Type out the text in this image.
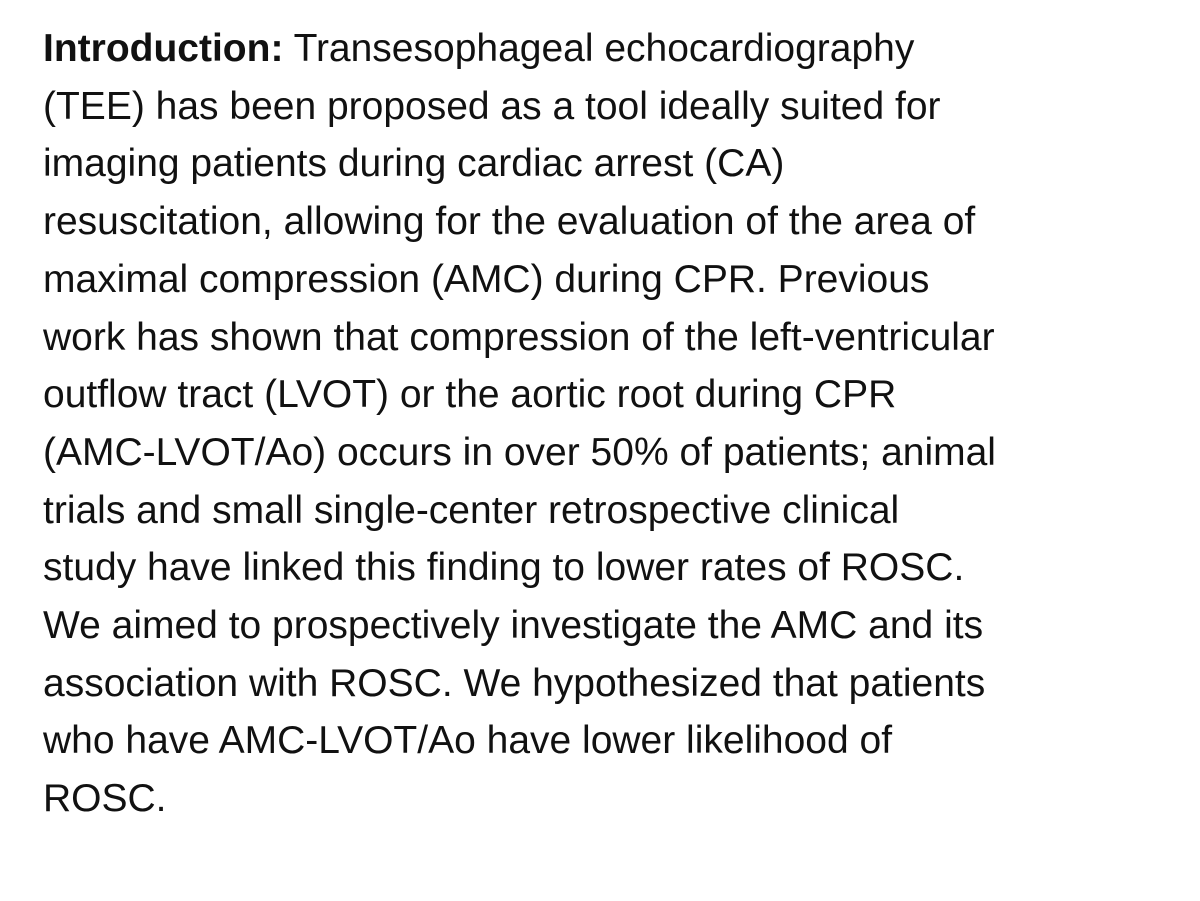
Introduction: Transesophageal echocardiography
(TEE) has been proposed as a tool ideally suited for
imaging patients during cardiac arrest (CA)
resuscitation, allowing for the evaluation of the area of
maximal compression (AMC) during CPR. Previous
work has shown that compression of the left-ventricular
outflow tract (LVOT) or the aortic root during CPR
(AMC-LVOT/Ao) occurs in over 50% of patients; animal
trials and small single-center retrospective clinical
study have linked this finding to lower rates of ROSC.
We aimed to prospectively investigate the AMC and its
association with ROSC. We hypothesized that patients
who have AMC-LVOT/Ao have lower likelihood of
ROSC.
